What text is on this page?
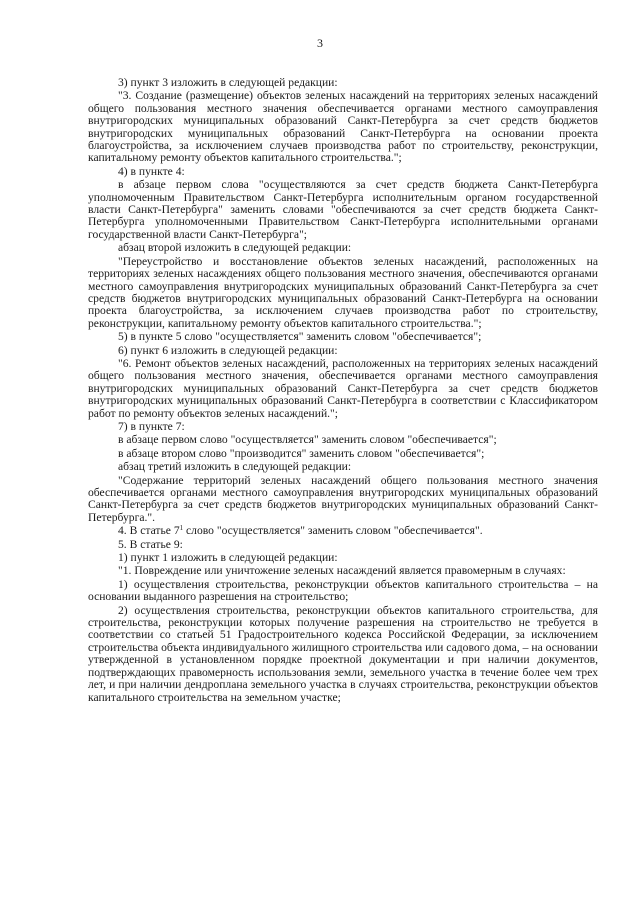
3

3) пункт 3 изложить в следующей редакции:

"3. Создание (размещение) объектов зеленых насаждений на территориях зеленых насаждений общего пользования местного значения обеспечивается органами местного самоуправления внутригородских муниципальных образований Санкт-Петербурга за счет средств бюджетов внутригородских муниципальных образований Санкт-Петербурга на основании проекта благоустройства, за исключением случаев производства работ по строительству, реконструкции, капитальному ремонту объектов капитального строительства.";

4) в пункте 4:

в абзаце первом слова "осуществляются за счет средств бюджета Санкт-Петербурга уполномоченным Правительством Санкт-Петербурга исполнительным органом государственной власти Санкт-Петербурга" заменить словами "обеспечиваются за счет средств бюджета Санкт-Петербурга уполномоченными Правительством Санкт-Петербурга исполнительными органами государственной власти Санкт-Петербурга";

абзац второй изложить в следующей редакции:

"Переустройство и восстановление объектов зеленых насаждений, расположенных на территориях зеленых насаждениях общего пользования местного значения, обеспечиваются органами местного самоуправления внутригородских муниципальных образований Санкт-Петербурга за счет средств бюджетов внутригородских муниципальных образований Санкт-Петербурга на основании проекта благоустройства, за исключением случаев производства работ по строительству, реконструкции, капитальному ремонту объектов капитального строительства.";

5) в пункте 5 слово "осуществляется" заменить словом "обеспечивается";

6) пункт 6 изложить в следующей редакции:

"6. Ремонт объектов зеленых насаждений, расположенных на территориях зеленых насаждений общего пользования местного значения, обеспечивается органами местного самоуправления внутригородских муниципальных образований Санкт-Петербурга за счет средств бюджетов внутригородских муниципальных образований Санкт-Петербурга в соответствии с Классификатором работ по ремонту объектов зеленых насаждений.";

7) в пункте 7:

в абзаце первом слово "осуществляется" заменить словом "обеспечивается";

в абзаце втором слово "производится" заменить словом "обеспечивается";

абзац третий изложить в следующей редакции:

"Содержание территорий зеленых насаждений общего пользования местного значения обеспечивается органами местного самоуправления внутригородских муниципальных образований Санкт-Петербурга за счет средств бюджетов внутригородских муниципальных образований Санкт-Петербурга.".

4. В статье $7^1$ слово "осуществляется" заменить словом "обеспечивается".

5. В статье 9:

1) пункт 1 изложить в следующей редакции:

"1. Повреждение или уничтожение зеленых насаждений является правомерным в случаях:

1) осуществления строительства, реконструкции объектов капитального строительства – на основании выданного разрешения на строительство;

2) осуществления строительства, реконструкции объектов капитального строительства, для строительства, реконструкции которых получение разрешения на строительство не требуется в соответствии со статьей 51 Градостроительного кодекса Российской Федерации, за исключением строительства объекта индивидуального жилищного строительства или садового дома, – на основании утвержденной в установленном порядке проектной документации и при наличии документов, подтверждающих правомерность использования земли, земельного участка в течение более чем трех лет, и при наличии дендроплана земельного участка в случаях строительства, реконструкции объектов капитального строительства на земельном участке;
